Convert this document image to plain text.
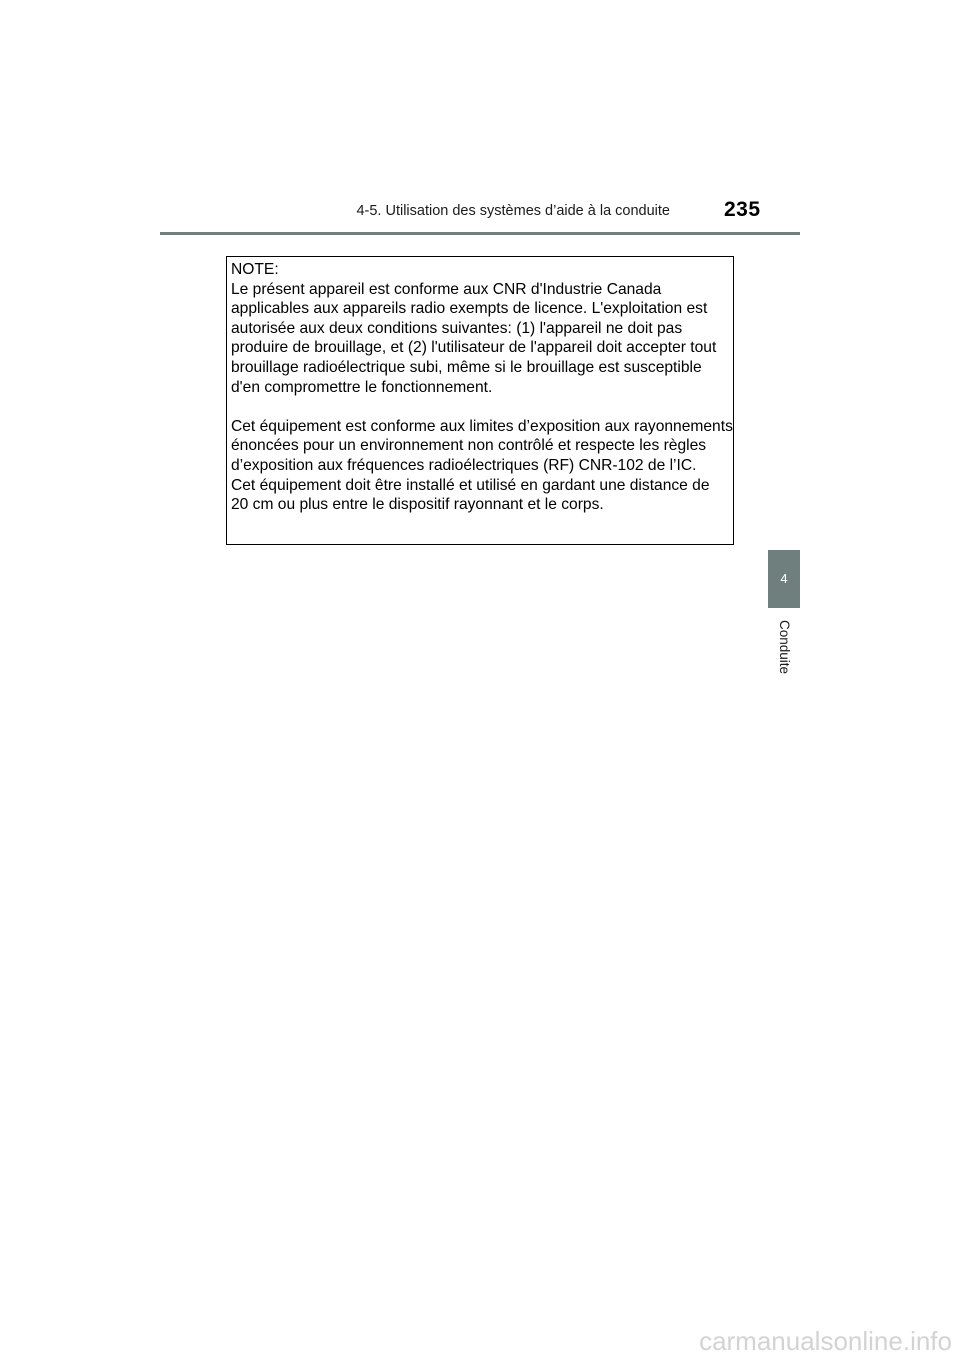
4-5. Utilisation des systèmes d’aide à la conduite	235

NOTE:

Le présent appareil est conforme aux CNR d'Industrie Canada

applicables aux appareils radio exempts de licence. L'exploitation est

autorisée aux deux conditions suivantes: (1) l'appareil ne doit pas

produire de brouillage, et (2) l'utilisateur de l'appareil doit accepter tout

brouillage radioélectrique subi, même si le brouillage est susceptible

d'en compromettre le fonctionnement.

Cet équipement est conforme aux limites d’exposition aux rayonnements

énoncées pour un environnement non contrôlé et respecte les règles

d’exposition aux fréquences radioélectriques (RF) CNR-102 de l’IC.

Cet équipement doit être installé et utilisé en gardant une distance de

20 cm ou plus entre le dispositif rayonnant et le corps.

4
Conduite
carmanualsonline.info
